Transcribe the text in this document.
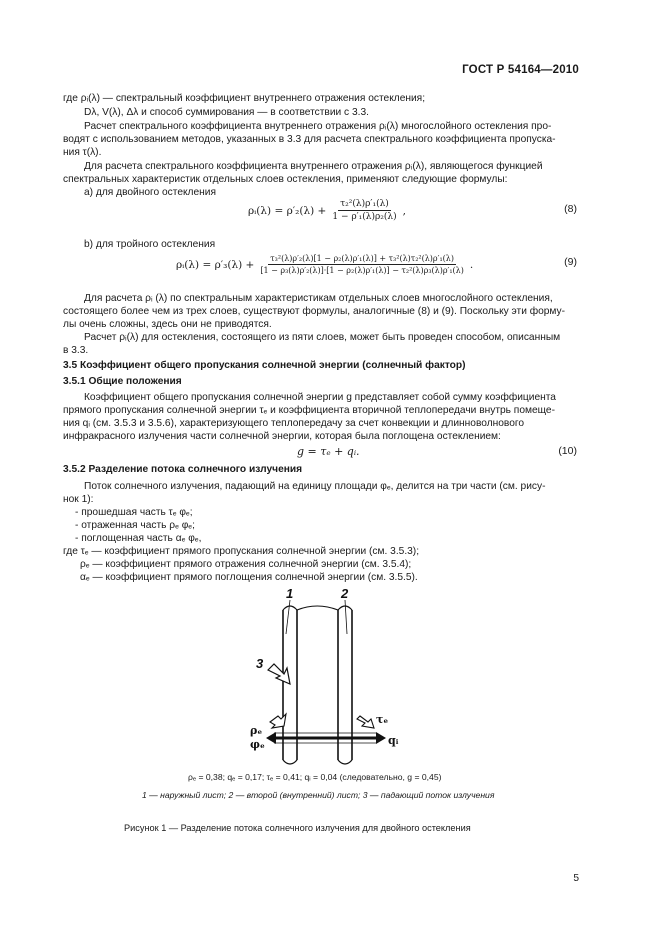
ГОСТ Р 54164—2010
где ρᵢ(λ) — спектральный коэффициент внутреннего отражения остекления;
Dλ, V(λ), Δλ и способ суммирования — в соответствии с 3.3.
Расчет спектрального коэффициента внутреннего отражения ρᵢ(λ) многослойного остекления про-
водят с использованием методов, указанных в 3.3 для расчета спектрального коэффициента пропуска-
ния τ(λ).
Для расчета спектрального коэффициента внутреннего отражения ρᵢ(λ), являющегося функцией
спектральных характеристик отдельных слоев остекления, применяют следующие формулы:
а) для двойного остекления
ρᵢ(λ) = $\rho'_2(\lambda) + \frac{\text{τ₂²(λ)ρ′₁(λ)}}{\text{1 − ρ′₁(λ)ρ₂(λ)}}$ ,	(8)
b) для тройного остекления
ρᵢ(λ) = $\rho'_3(\lambda) + \frac{\text{τ₃²(λ)ρ′₂(λ)[1 − ρ₂(λ)ρ′₁(λ)] + τ₃²(λ)τ₂²(λ)ρ′₁(λ)}}{\text{[1 − ρ₃(λ)ρ′₂(λ)]·[1 − ρ₂(λ)ρ′₁(λ)] − τ₂²(λ)ρ₃(λ)ρ′₁(λ)}}$ .	(9)
Для расчета ρᵢ (λ) по спектральным характеристикам отдельных слоев многослойного остекления,
состоящего более чем из трех слоев, существуют формулы, аналогичные (8) и (9). Поскольку эти форму-
лы очень сложны, здесь они не приводятся.
Расчет ρᵢ(λ) для остекления, состоящего из пяти слоев, может быть проведен способом, описанным
в 3.3.
3.5 Коэффициент общего пропускания солнечной энергии (солнечный фактор)
3.5.1 Общие положения
Коэффициент общего пропускания солнечной энергии g представляет собой сумму коэффициента
прямого пропускания солнечной энергии τₑ и коэффициента вторичной теплопередачи внутрь помеще-
ния qᵢ (см. 3.5.3 и 3.5.6), характеризующего теплопередачу за счет конвекции и длинноволнового
инфракрасного излучения части солнечной энергии, которая была поглощена остеклением:
g = τₑ + qᵢ.	(10)
3.5.2 Разделение потока солнечного излучения
Поток солнечного излучения, падающий на единицу площади φₑ, делится на три части (см. рису-
нок 1):
- прошедшая часть τₑ φₑ;
- отраженная часть ρₑ φₑ;
- поглощенная часть αₑ φₑ,
где τₑ — коэффициент прямого пропускания солнечной энергии (см. 3.5.3);
ρₑ — коэффициент прямого отражения солнечной энергии (см. 3.5.4);
αₑ — коэффициент прямого поглощения солнечной энергии (см. 3.5.5).
1	2
3
ρₑ
φₑ
τₑ
qᵢ
ρₑ = 0,38; qₑ = 0,17; τₑ = 0,41; qᵢ = 0,04 (следовательно, g = 0,45)
1 — наружный лист; 2 — второй (внутренний) лист; 3 — падающий поток излучения
Рисунок 1 — Разделение потока солнечного излучения для двойного остекления
5
